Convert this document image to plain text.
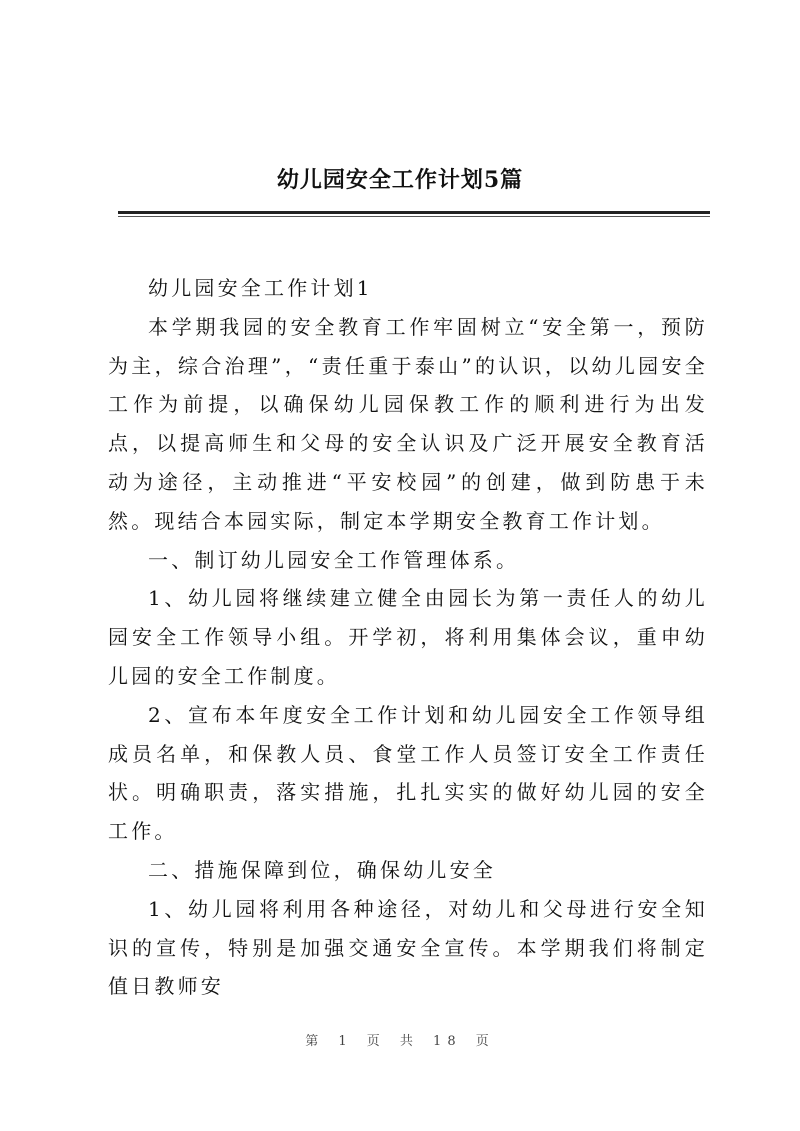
幼儿园安全工作计划5篇

幼儿园安全工作计划1

本学期我园的安全教育工作牢固树立“安全第一，预防为主，综合治理”，“责任重于泰山”的认识，以幼儿园安全工作为前提，以确保幼儿园保教工作的顺利进行为出发点，以提高师生和父母的安全认识及广泛开展安全教育活动为途径，主动推进“平安校园”的创建，做到防患于未然。现结合本园实际，制定本学期安全教育工作计划。

一、制订幼儿园安全工作管理体系。

1、幼儿园将继续建立健全由园长为第一责任人的幼儿园安全工作领导小组。开学初，将利用集体会议，重申幼儿园的安全工作制度。

2、宣布本年度安全工作计划和幼儿园安全工作领导组成员名单，和保教人员、食堂工作人员签订安全工作责任状。明确职责，落实措施，扎扎实实的做好幼儿园的安全工作。

二、措施保障到位，确保幼儿安全

1、幼儿园将利用各种途径，对幼儿和父母进行安全知识的宣传，特别是加强交通安全宣传。本学期我们将制定值日教师安

第 1 页 共 18 页
